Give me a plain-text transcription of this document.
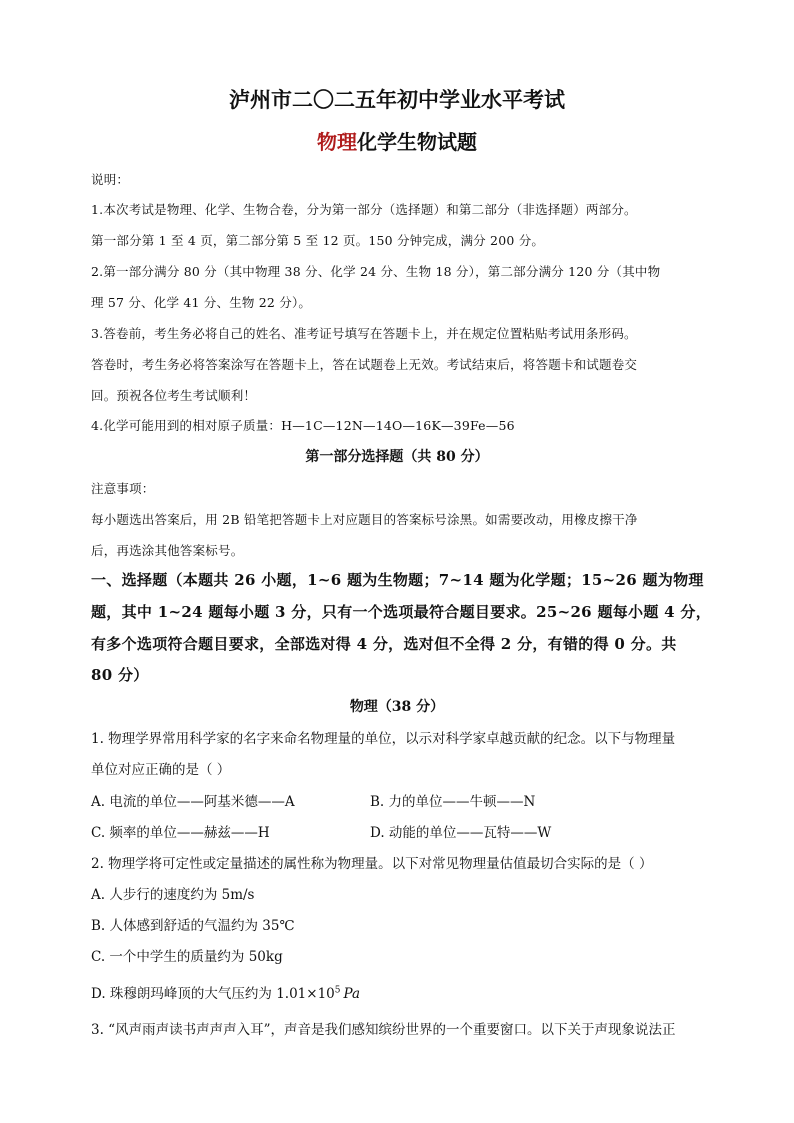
泸州市二〇二五年初中学业水平考试
物理化学生物试题
说明：
1.本次考试是物理、化学、生物合卷，分为第一部分（选择题）和第二部分（非选择题）两部分。
第一部分第 1 至 4 页，第二部分第 5 至 12 页。150 分钟完成，满分 200 分。
2.第一部分满分 80 分（其中物理 38 分、化学 24 分、生物 18 分），第二部分满分 120 分（其中物
理 57 分、化学 41 分、生物 22 分）。
3.答卷前，考生务必将自己的姓名、准考证号填写在答题卡上，并在规定位置粘贴考试用条形码。
答卷时，考生务必将答案涂写在答题卡上，答在试题卷上无效。考试结束后，将答题卡和试题卷交
回。预祝各位考生考试顺利！
4.化学可能用到的相对原子质量：H—1C—12N—14O—16K—39Fe—56
第一部分选择题（共 80 分）
注意事项：
每小题选出答案后，用 2B 铅笔把答题卡上对应题目的答案标号涂黑。如需要改动，用橡皮擦干净
后，再选涂其他答案标号。
一、选择题（本题共 26 小题，1~6 题为生物题；7~14 题为化学题；15~26 题为物理
题，其中 1~24 题每小题 3 分，只有一个选项最符合题目要求。25~26 题每小题 4 分，
有多个选项符合题目要求，全部选对得 4 分，选对但不全得 2 分，有错的得 0 分。共
80 分）
物理（38 分）
1. 物理学界常用科学家的名字来命名物理量的单位，以示对科学家卓越贡献的纪念。以下与物理量
单位对应正确的是（ ）
A. 电流的单位——阿基米德——A	B. 力的单位——牛顿——N
C. 频率的单位——赫兹——H	D. 动能的单位——瓦特——W
2. 物理学将可定性或定量描述的属性称为物理量。以下对常见物理量估值最切合实际的是（ ）
A. 人步行的速度约为 5m/s
B. 人体感到舒适的气温约为 35℃
C. 一个中学生的质量约为 50kg
D. 珠穆朗玛峰顶的大气压约为 $1.01\times 10^5$ Pa
3. “风声雨声读书声声声入耳”，声音是我们感知缤纷世界的一个重要窗口。以下关于声现象说法正
